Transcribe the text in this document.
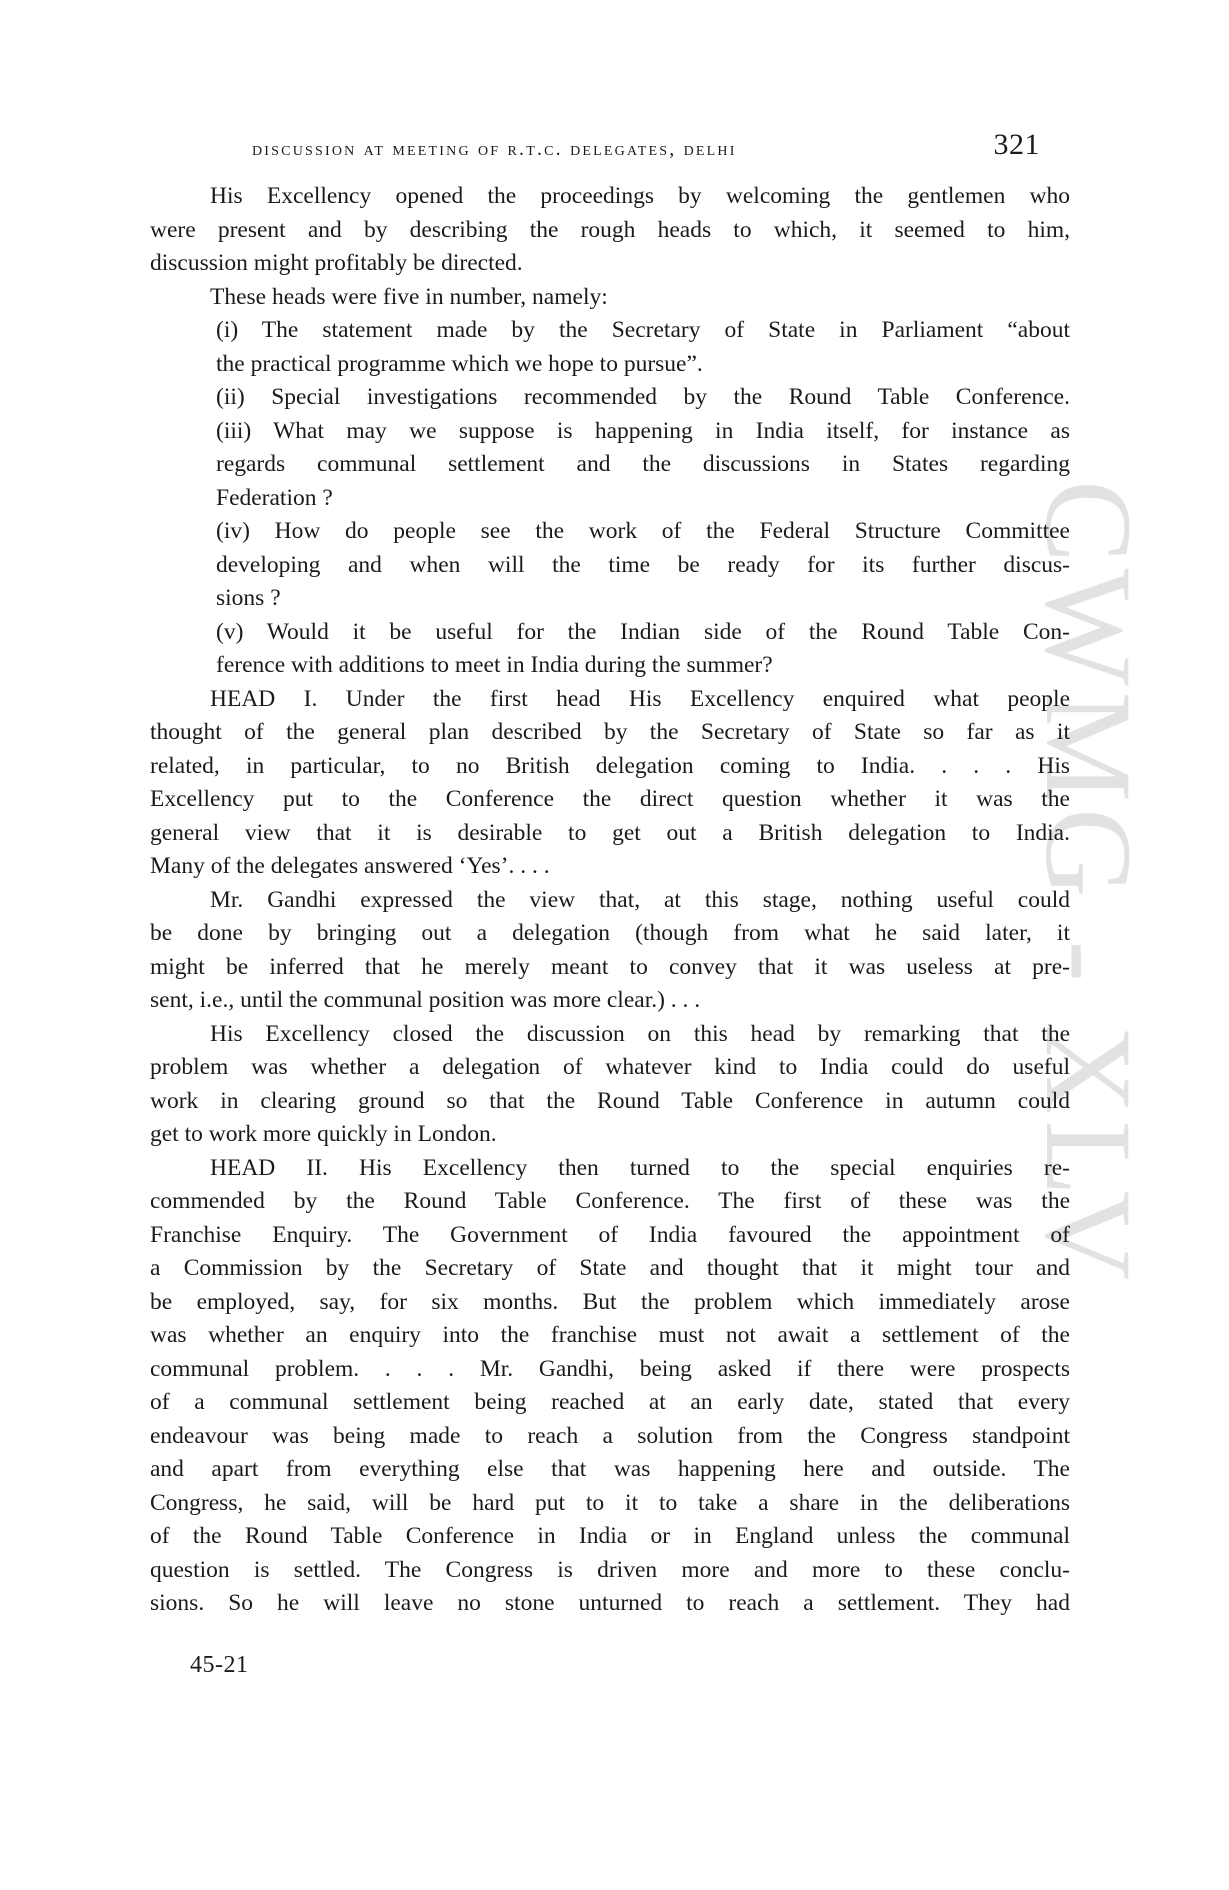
discussion at meeting of r.t.c. delegates, delhi	321
CWMG - XLV
His Excellency opened the proceedings by welcoming the gentlemen who
were present and by describing the rough heads to which, it seemed to him,
discussion might profitably be directed.
These heads were five in number, namely:
(i) The statement made by the Secretary of State in Parliament “about
the practical programme which we hope to pursue”.
(ii) Special investigations recommended by the Round Table Conference.
(iii) What may we suppose is happening in India itself, for instance as
regards communal settlement and the discussions in States regarding
Federation ?
(iv) How do people see the work of the Federal Structure Committee
developing and when will the time be ready for its further discus-
sions ?
(v) Would it be useful for the Indian side of the Round Table Con-
ference with additions to meet in India during the summer?
HEAD I. Under the first head His Excellency enquired what people
thought of the general plan described by the Secretary of State so far as it
related, in particular, to no British delegation coming to India. . . . His
Excellency put to the Conference the direct question whether it was the
general view that it is desirable to get out a British delegation to India.
Many of the delegates answered ‘Yes’. . . .
Mr. Gandhi expressed the view that, at this stage, nothing useful could
be done by bringing out a delegation (though from what he said later, it
might be inferred that he merely meant to convey that it was useless at pre-
sent, i.e., until the communal position was more clear.) . . .
His Excellency closed the discussion on this head by remarking that the
problem was whether a delegation of whatever kind to India could do useful
work in clearing ground so that the Round Table Conference in autumn could
get to work more quickly in London.
HEAD II. His Excellency then turned to the special enquiries re-
commended by the Round Table Conference. The first of these was the
Franchise Enquiry. The Government of India favoured the appointment of
a Commission by the Secretary of State and thought that it might tour and
be employed, say, for six months. But the problem which immediately arose
was whether an enquiry into the franchise must not await a settlement of the
communal problem. . . . Mr. Gandhi, being asked if there were prospects
of a communal settlement being reached at an early date, stated that every
endeavour was being made to reach a solution from the Congress standpoint
and apart from everything else that was happening here and outside. The
Congress, he said, will be hard put to it to take a share in the deliberations
of the Round Table Conference in India or in England unless the communal
question is settled. The Congress is driven more and more to these conclu-
sions. So he will leave no stone unturned to reach a settlement. They had
45-21
